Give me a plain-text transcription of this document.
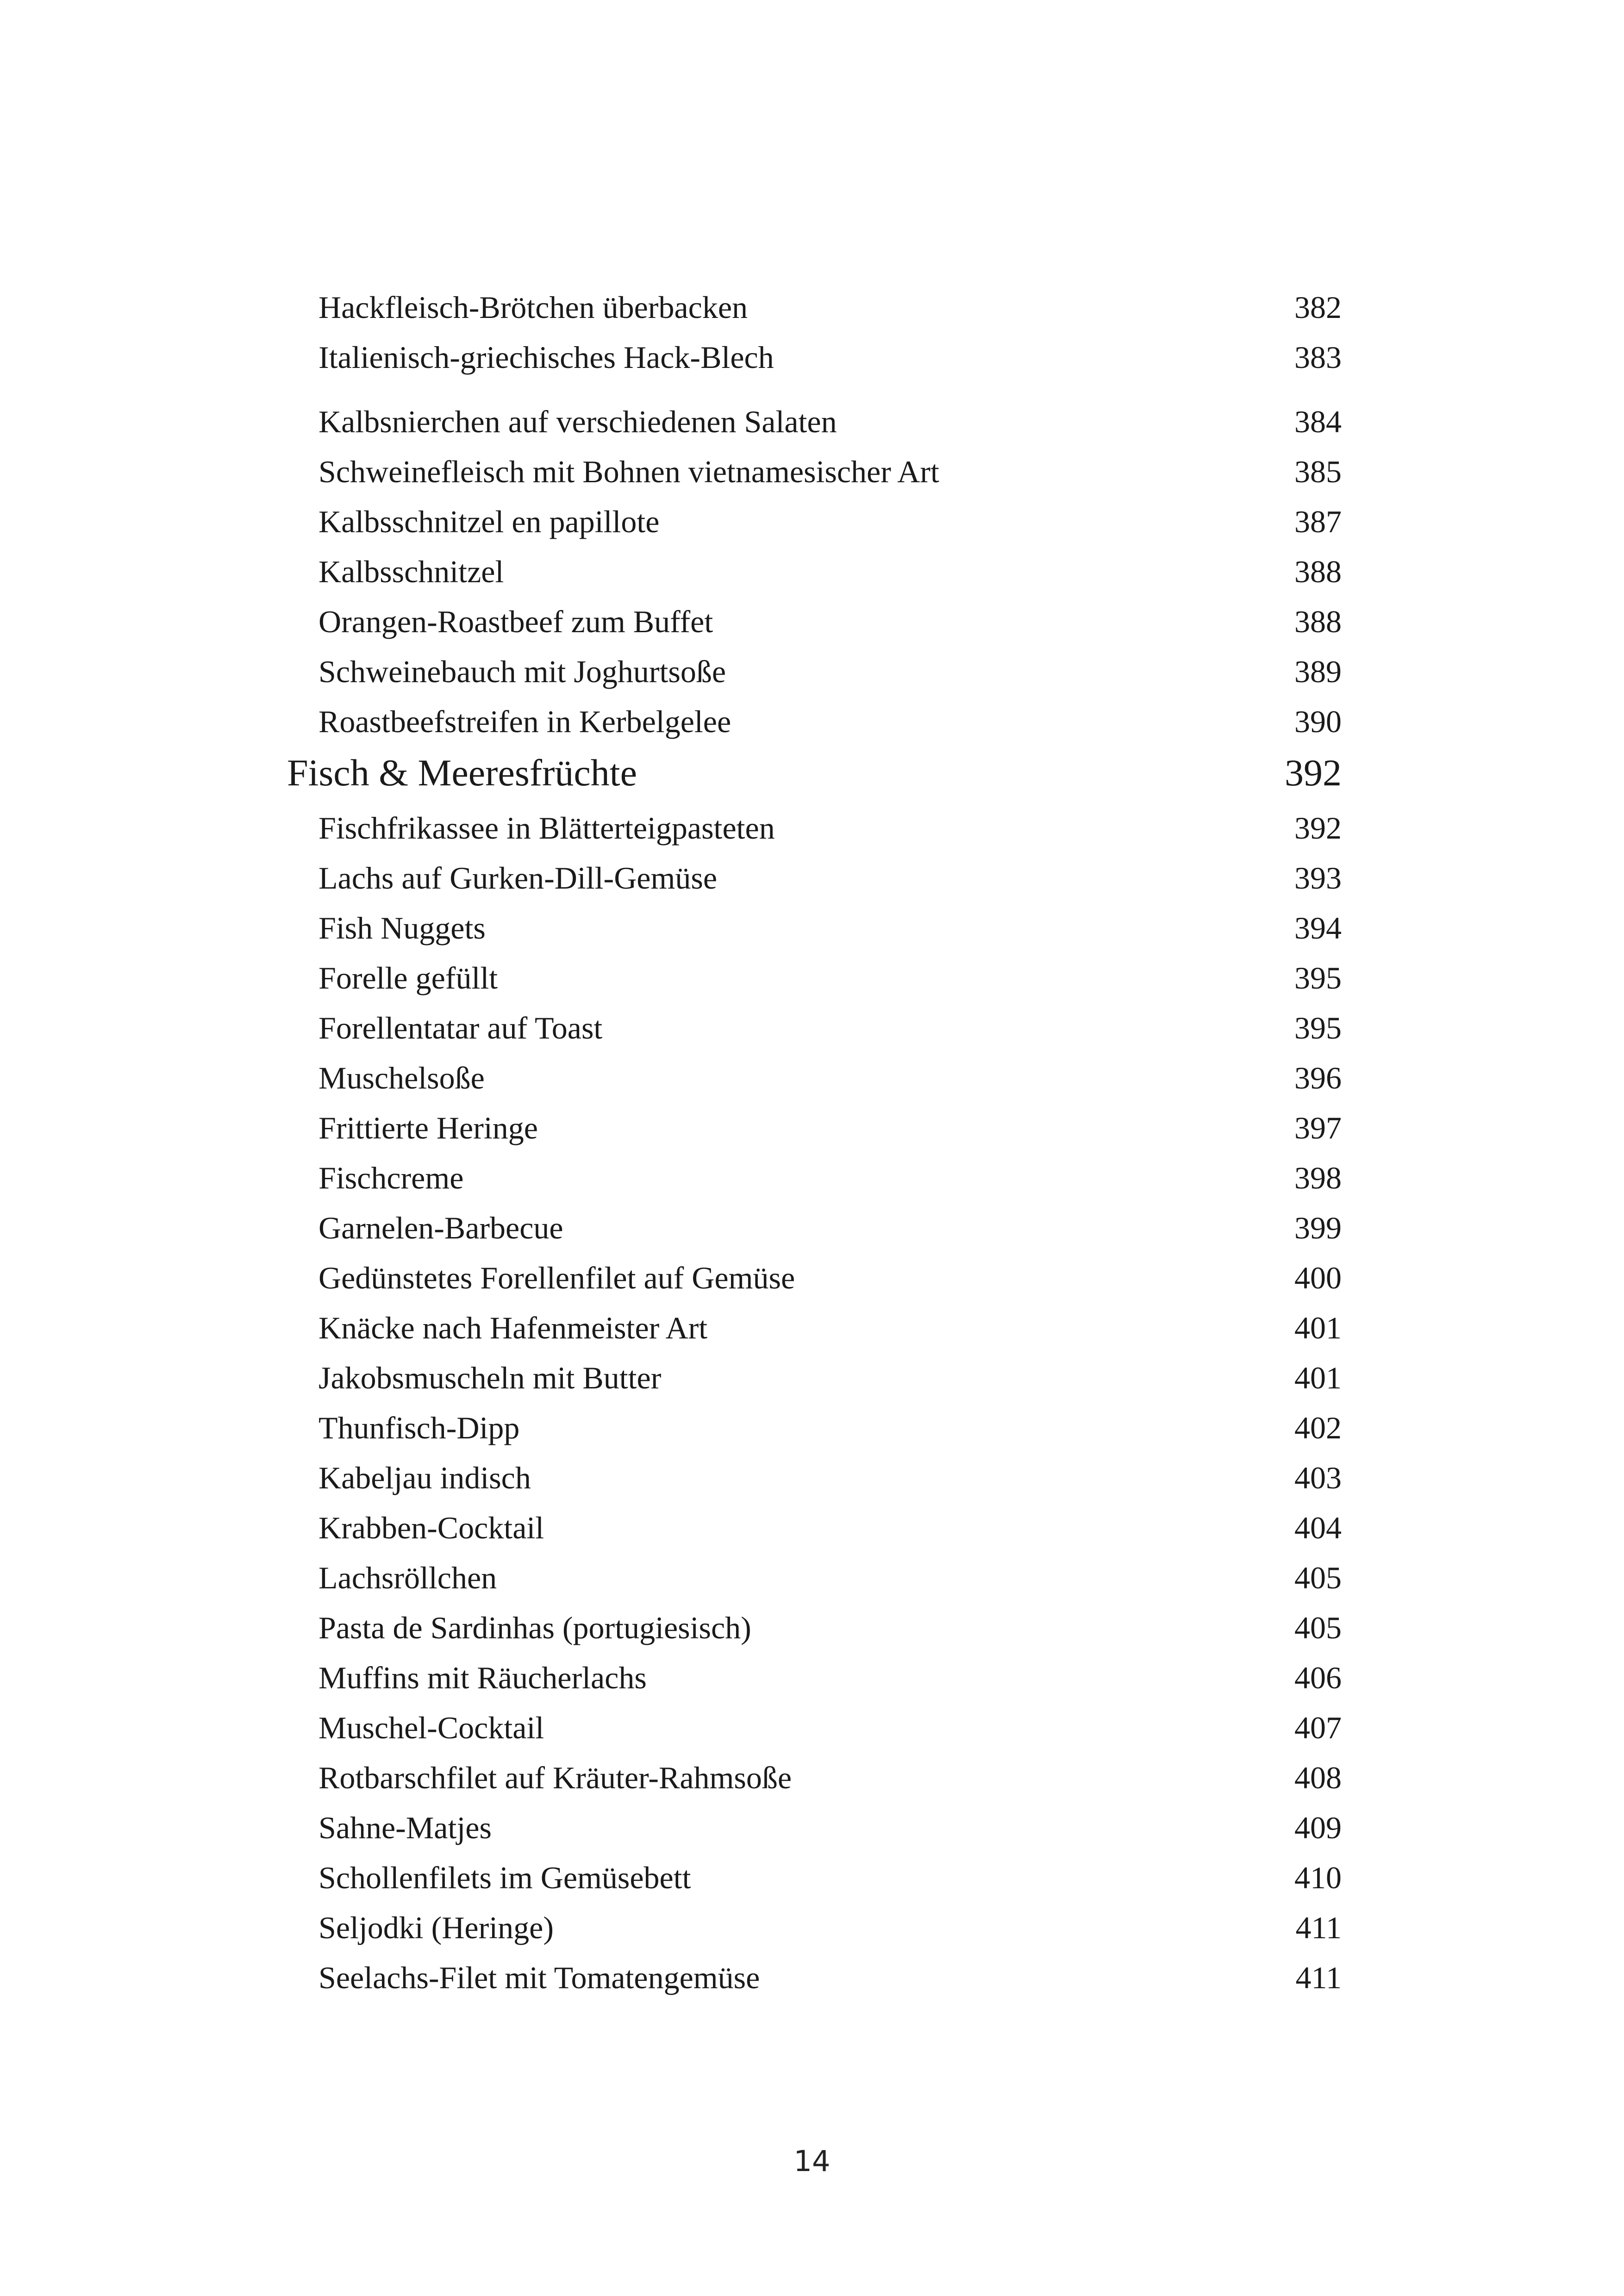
Hackfleisch-Brötchen überbacken	382
Italienisch-griechisches Hack-Blech	383
Kalbsnierchen auf verschiedenen Salaten	384
Schweinefleisch mit Bohnen vietnamesischer Art	385
Kalbsschnitzel en papillote	387
Kalbsschnitzel	388
Orangen-Roastbeef zum Buffet	388
Schweinebauch mit Joghurtsoße	389
Roastbeefstreifen in Kerbelgelee	390
Fisch & Meeresfrüchte	392
Fischfrikassee in Blätterteigpasteten	392
Lachs auf Gurken-Dill-Gemüse	393
Fish Nuggets	394
Forelle gefüllt	395
Forellentatar auf Toast	395
Muschelsoße	396
Frittierte Heringe	397
Fischcreme	398
Garnelen-Barbecue	399
Gedünstetes Forellenfilet auf Gemüse	400
Knäcke nach Hafenmeister Art	401
Jakobsmuscheln mit Butter	401
Thunfisch-Dipp	402
Kabeljau indisch	403
Krabben-Cocktail	404
Lachsröllchen	405
Pasta de Sardinhas (portugiesisch)	405
Muffins mit Räucherlachs	406
Muschel-Cocktail	407
Rotbarschfilet auf Kräuter-Rahmsoße	408
Sahne-Matjes	409
Schollenfilets im Gemüsebett	410
Seljodki (Heringe)	411
Seelachs-Filet mit Tomatengemüse	411
14
